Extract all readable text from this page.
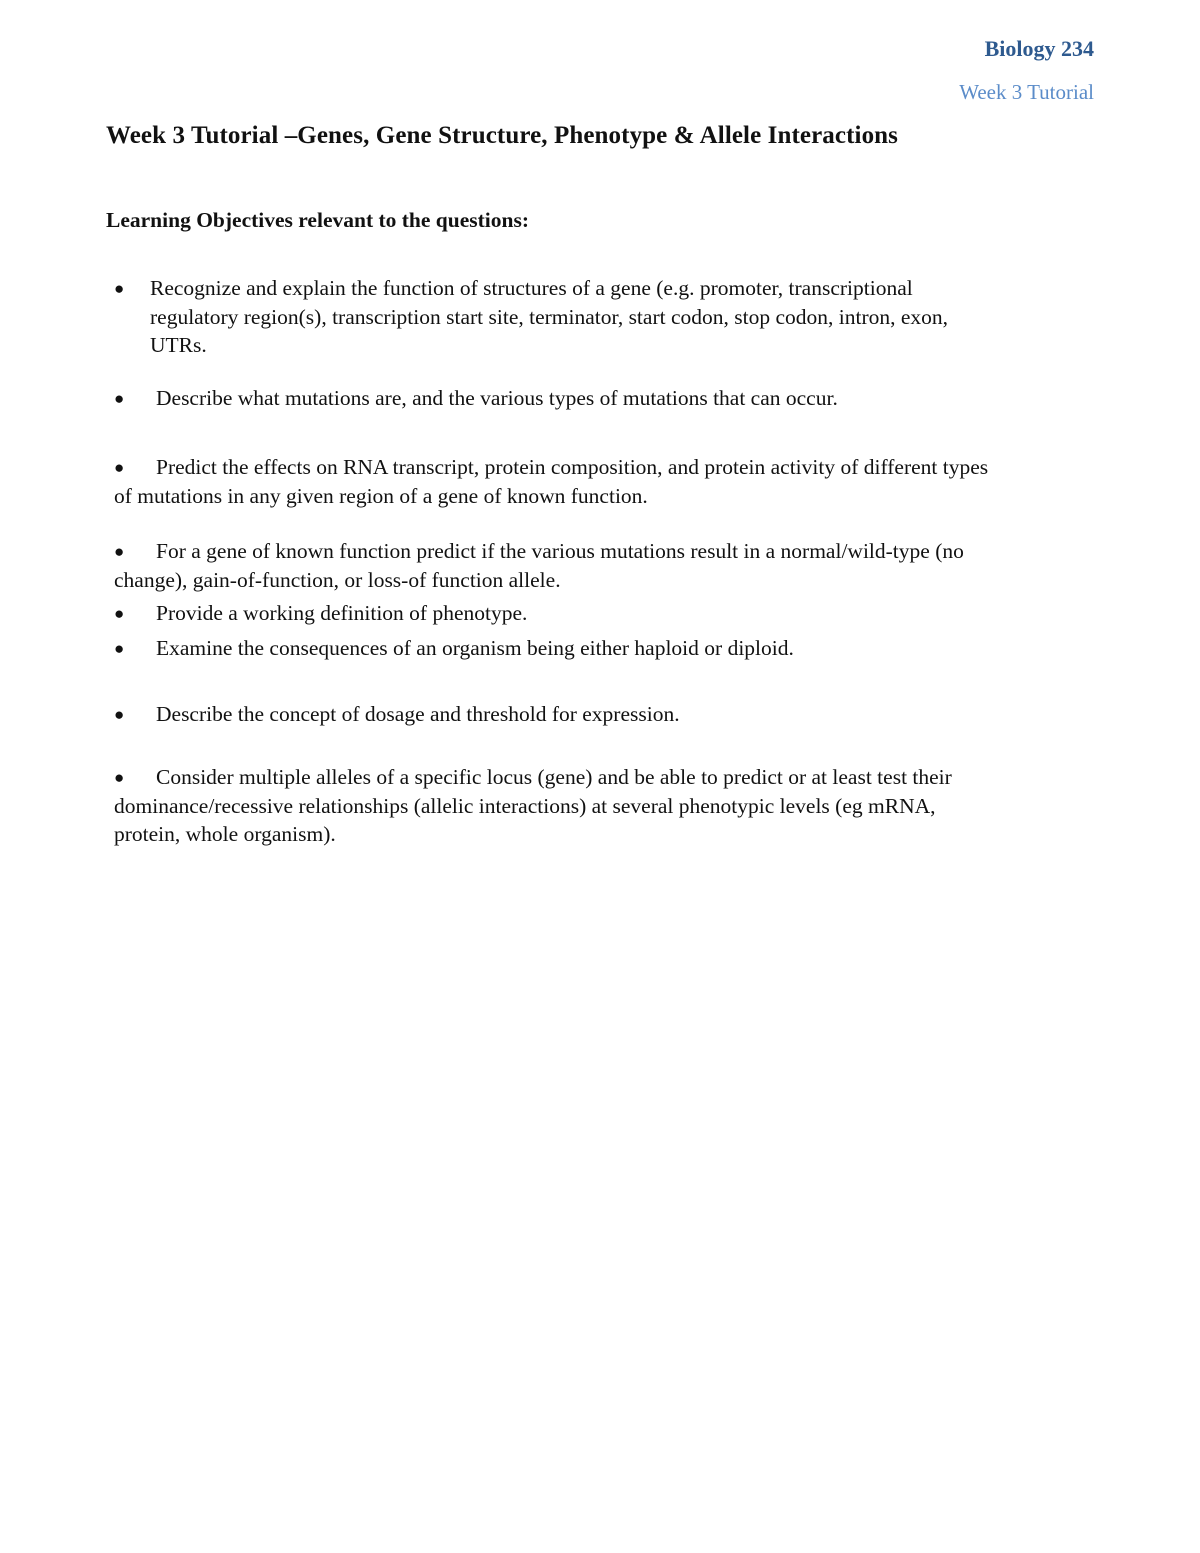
Biology 234
Week 3 Tutorial
Week 3 Tutorial –Genes, Gene Structure, Phenotype & Allele Interactions
Learning Objectives relevant to the questions:

● Recognize and explain the function of structures of a gene (e.g. promoter, transcriptional regulatory region(s), transcription start site, terminator, start codon, stop codon, intron, exon, UTRs.

● Describe what mutations are, and the various types of mutations that can occur.

● Predict the effects on RNA transcript, protein composition, and protein activity of different types of mutations in any given region of a gene of known function.

● For a gene of known function predict if the various mutations result in a normal/wild-type (no change), gain-of-function, or loss-of function allele.

● Provide a working definition of phenotype.

● Examine the consequences of an organism being either haploid or diploid.

● Describe the concept of dosage and threshold for expression.

● Consider multiple alleles of a specific locus (gene) and be able to predict or at least test their dominance/recessive relationships (allelic interactions) at several phenotypic levels (eg mRNA, protein, whole organism).
